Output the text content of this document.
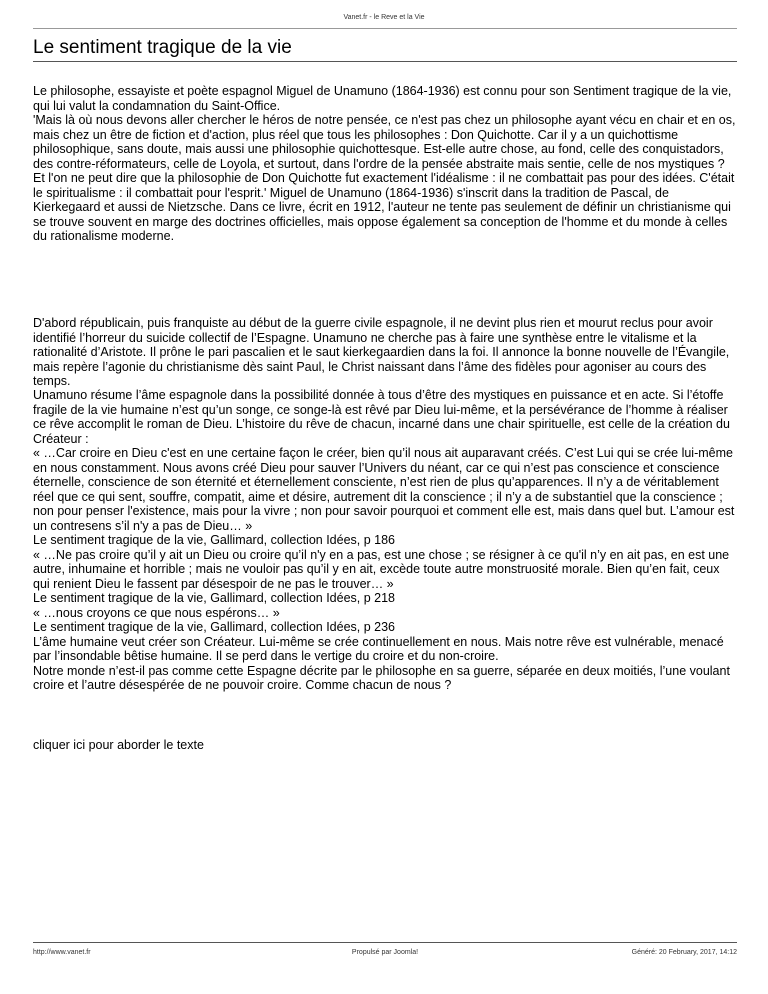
Vanet.fr - le Reve et la Vie
Le sentiment tragique de la vie

Le philosophe, essayiste et poète espagnol Miguel de Unamuno (1864-1936) est connu pour son Sentiment tragique de la vie, qui lui valut la condamnation du Saint-Office.

'Mais là où nous devons aller chercher le héros de notre pensée, ce n'est pas chez un philosophe ayant vécu en chair et en os, mais chez un être de fiction et d'action, plus réel que tous les philosophes : Don Quichotte. Car il y a un quichottisme philosophique, sans doute, mais aussi une philosophie quichottesque. Est-elle autre chose, au fond, celle des conquistadors, des contre-réformateurs, celle de Loyola, et surtout, dans l'ordre de la pensée abstraite mais sentie, celle de nos mystiques ? Et l'on ne peut dire que la philosophie de Don Quichotte fut exactement l'idéalisme : il ne combattait pas pour des idées. C'était le spiritualisme : il combattait pour l'esprit.' Miguel de Unamuno (1864-1936) s'inscrit dans la tradition de Pascal, de Kierkegaard et aussi de Nietzsche. Dans ce livre, écrit en 1912, l'auteur ne tente pas seulement de définir un christianisme qui se trouve souvent en marge des doctrines officielles, mais oppose également sa conception de l'homme et du monde à celles du rationalisme moderne.

D'abord républicain, puis franquiste au début de la guerre civile espagnole, il ne devint plus rien et mourut reclus pour avoir identifié l’horreur du suicide collectif de l’Espagne. Unamuno ne cherche pas à faire une synthèse entre le vitalisme et la rationalité d’Aristote. Il prône le pari pascalien et le saut kierkegaardien dans la foi. Il annonce la bonne nouvelle de l’Évangile, mais repère l’agonie du christianisme dès saint Paul, le Christ naissant dans l’âme des fidèles pour agoniser au cours des temps.

Unamuno résume l’âme espagnole dans la possibilité donnée à tous d’être des mystiques en puissance et en acte. Si l’étoffe fragile de la vie humaine n’est qu’un songe, ce songe-là est rêvé par Dieu lui-même, et la persévérance de l’homme à réaliser ce rêve accomplit le roman de Dieu. L’histoire du rêve de chacun, incarné dans une chair spirituelle, est celle de la création du Créateur :

« …Car croire en Dieu c'est en une certaine façon le créer, bien qu’il nous ait auparavant créés. C’est Lui qui se crée lui-même en nous constamment. Nous avons créé Dieu pour sauver l’Univers du néant, car ce qui n’est pas conscience et conscience éternelle, conscience de son éternité et éternellement consciente, n’est rien de plus qu’apparences. Il n’y a de véritablement réel que ce qui sent, souffre, compatit, aime et désire, autrement dit la conscience ; il n’y a de substantiel que la conscience ; non pour penser l'existence, mais pour la vivre ; non pour savoir pourquoi et comment elle est, mais dans quel but. L’amour est un contresens s’il n'y a pas de Dieu… »

Le sentiment tragique de la vie, Gallimard, collection Idées, p 186

« …Ne pas croire qu’il y ait un Dieu ou croire qu’il n'y en a pas, est une chose ; se résigner à ce qu'il n’y en ait pas, en est une autre, inhumaine et horrible ; mais ne vouloir pas qu’il y en ait, excède toute autre monstruosité morale. Bien qu’en fait, ceux qui renient Dieu le fassent par désespoir de ne pas le trouver… »

Le sentiment tragique de la vie, Gallimard, collection Idées, p 218

« …nous croyons ce que nous espérons… »

Le sentiment tragique de la vie, Gallimard, collection Idées, p 236

L’âme humaine veut créer son Créateur. Lui-même se crée continuellement en nous. Mais notre rêve est vulnérable, menacé par l’insondable bêtise humaine. Il se perd dans le vertige du croire et du non-croire.

Notre monde n’est-il pas comme cette Espagne décrite par le philosophe en sa guerre, séparée en deux moitiés, l’une voulant croire et l’autre désespérée de ne pouvoir croire. Comme chacun de nous ?

cliquer ici pour aborder le texte
http://www.vanet.fr	Propulsé par Joomla!	Généré: 20 February, 2017, 14:12
